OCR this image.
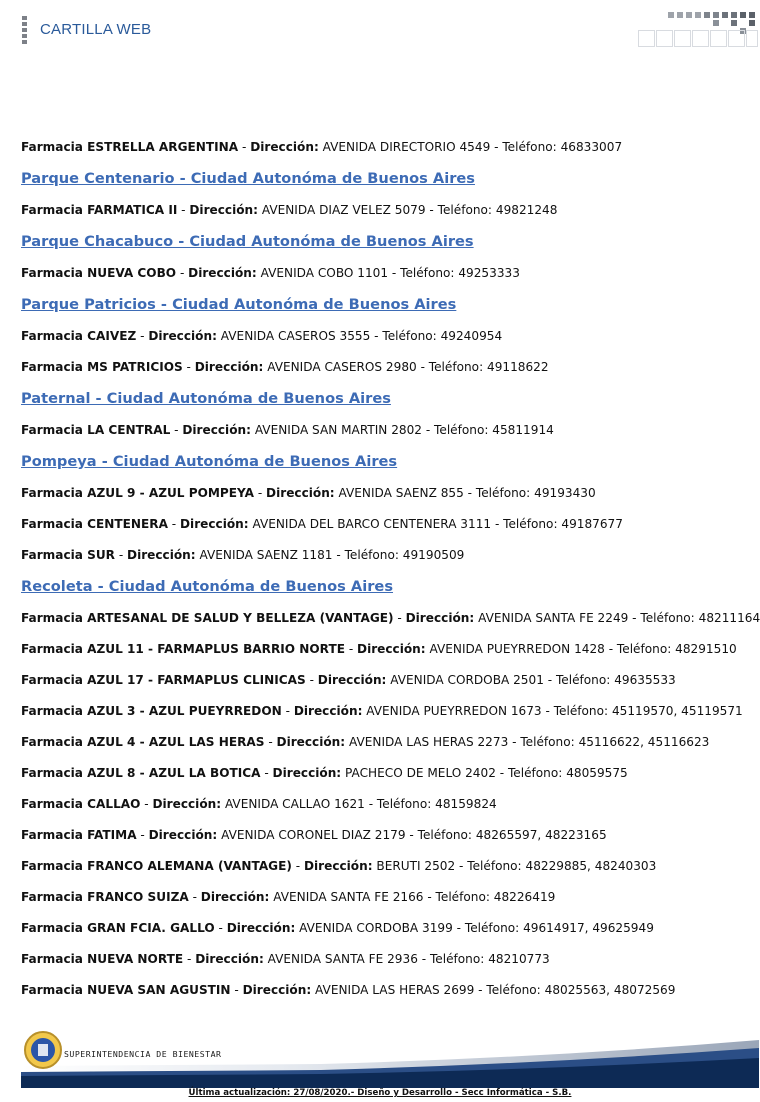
CARTILLA WEB
Farmacia ESTRELLA ARGENTINA - Dirección: AVENIDA DIRECTORIO 4549 - Teléfono: 46833007
Parque Centenario - Ciudad Autonóma de Buenos Aires
Farmacia FARMATICA II - Dirección: AVENIDA DIAZ VELEZ 5079 - Teléfono: 49821248
Parque Chacabuco - Ciudad Autonóma de Buenos Aires
Farmacia NUEVA COBO - Dirección: AVENIDA COBO 1101 - Teléfono: 49253333
Parque Patricios - Ciudad Autonóma de Buenos Aires
Farmacia CAIVEZ - Dirección: AVENIDA CASEROS 3555 - Teléfono: 49240954
Farmacia MS PATRICIOS - Dirección: AVENIDA CASEROS 2980 - Teléfono: 49118622
Paternal - Ciudad Autonóma de Buenos Aires
Farmacia LA CENTRAL - Dirección: AVENIDA SAN MARTIN 2802 - Teléfono: 45811914
Pompeya - Ciudad Autonóma de Buenos Aires
Farmacia AZUL 9 - AZUL POMPEYA - Dirección: AVENIDA SAENZ 855 - Teléfono: 49193430
Farmacia CENTENERA - Dirección: AVENIDA DEL BARCO CENTENERA 3111 - Teléfono: 49187677
Farmacia SUR - Dirección: AVENIDA SAENZ 1181 - Teléfono: 49190509
Recoleta - Ciudad Autonóma de Buenos Aires
Farmacia ARTESANAL DE SALUD Y BELLEZA (VANTAGE) - Dirección: AVENIDA SANTA FE 2249 - Teléfono: 48211164
Farmacia AZUL 11 - FARMAPLUS BARRIO NORTE - Dirección: AVENIDA PUEYRREDON 1428 - Teléfono: 48291510
Farmacia AZUL 17 - FARMAPLUS CLINICAS - Dirección: AVENIDA CORDOBA 2501 - Teléfono: 49635533
Farmacia AZUL 3 - AZUL PUEYRREDON - Dirección: AVENIDA PUEYRREDON 1673 - Teléfono: 45119570, 45119571
Farmacia AZUL 4 - AZUL LAS HERAS - Dirección: AVENIDA LAS HERAS 2273 - Teléfono: 45116622, 45116623
Farmacia AZUL 8 - AZUL LA BOTICA - Dirección: PACHECO DE MELO 2402 - Teléfono: 48059575
Farmacia CALLAO - Dirección: AVENIDA CALLAO 1621 - Teléfono: 48159824
Farmacia FATIMA - Dirección: AVENIDA CORONEL DIAZ 2179 - Teléfono: 48265597, 48223165
Farmacia FRANCO ALEMANA (VANTAGE) - Dirección: BERUTI 2502 - Teléfono: 48229885, 48240303
Farmacia FRANCO SUIZA - Dirección: AVENIDA SANTA FE 2166 - Teléfono: 48226419
Farmacia GRAN FCIA. GALLO - Dirección: AVENIDA CORDOBA 3199 - Teléfono: 49614917, 49625949
Farmacia NUEVA NORTE - Dirección: AVENIDA SANTA FE 2936 - Teléfono: 48210773
Farmacia NUEVA SAN AGUSTIN - Dirección: AVENIDA LAS HERAS 2699 - Teléfono: 48025563, 48072569
SUPERINTENDENCIA DE BIENESTAR
Última actualización: 27/08/2020.- Diseño y Desarrollo - Secc Informática - S.B.
